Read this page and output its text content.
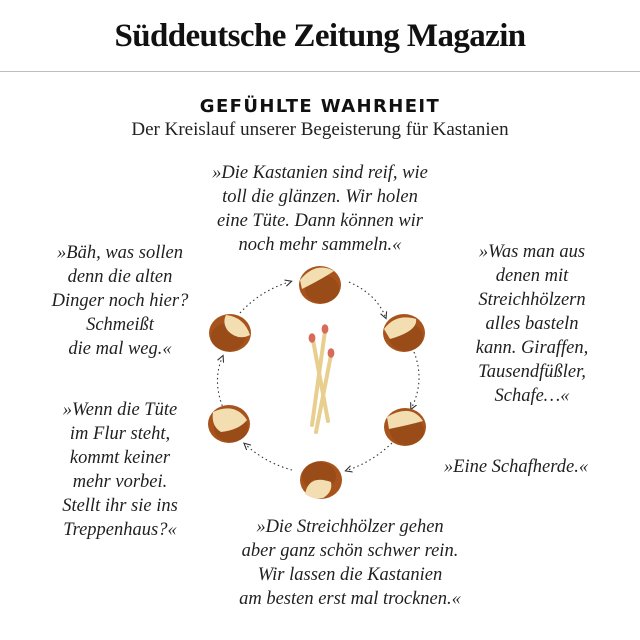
Süddeutsche Zeitung Magazin
GEFÜHLTE WAHRHEIT
Der Kreislauf unserer Begeisterung für Kastanien
»Die Kastanien sind reif, wie
toll die glänzen. Wir holen
eine Tüte. Dann können wir
noch mehr sammeln.«	»Was man aus
denen mit
Streichhölzern
alles basteln
kann. Giraffen,
Tausendfüßler,
Schafe…«
»Eine Schafherde.«
»Die Streichhölzer gehen
aber ganz schön schwer rein.
Wir lassen die Kastanien
am besten erst mal trocknen.«
»Wenn die Tüte
im Flur steht,
kommt keiner
mehr vorbei.
Stellt ihr sie ins
Treppenhaus?«
»Bäh, was sollen
denn die alten
Dinger noch hier?
Schmeißt
die mal weg.«
